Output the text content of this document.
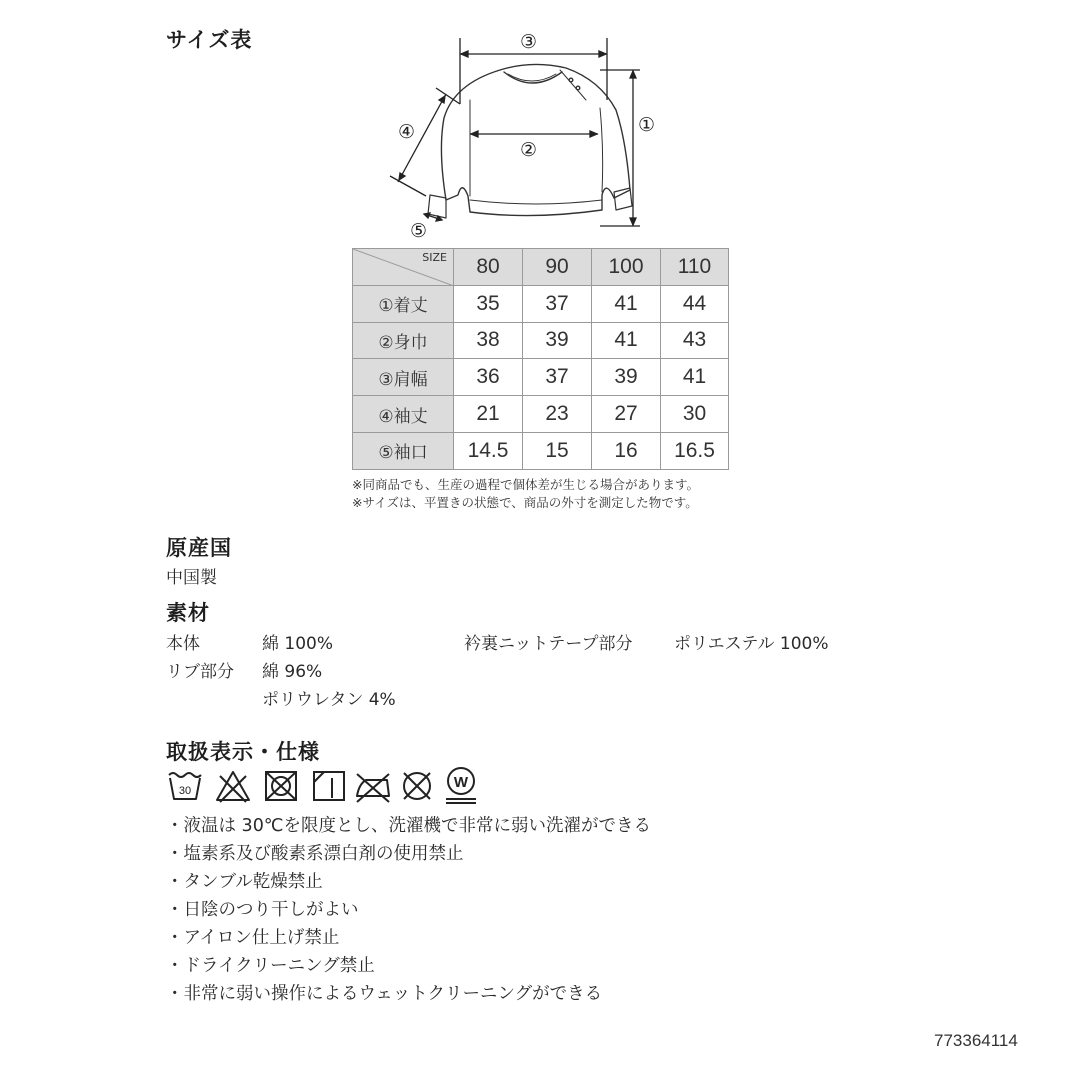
サイズ表	③
②
①
④
⑤
SIZE	80	90	100	110
①着丈	35	37	41	44
②身巾	38	39	41	43
③肩幅	36	37	39	41
④袖丈	21	23	27	30
⑤袖口	14.5	15	16	16.5
※同商品でも、生産の過程で個体差が生じる場合があります。
※サイズは、平置きの状態で、商品の外寸を測定した物です。
原産国
中国製
素材
本体	綿 100%	衿裏ニットテープ部分 ポリエステル 100%
リブ部分 綿 96%
ポリウレタン 4%
取扱表示・仕様
30	W
・液温は 30℃を限度とし、洗濯機で非常に弱い洗濯ができる
・塩素系及び酸素系漂白剤の使用禁止
・タンブル乾燥禁止
・日陰のつり干しがよい
・アイロン仕上げ禁止
・ドライクリーニング禁止
・非常に弱い操作によるウェットクリーニングができる
773364114
